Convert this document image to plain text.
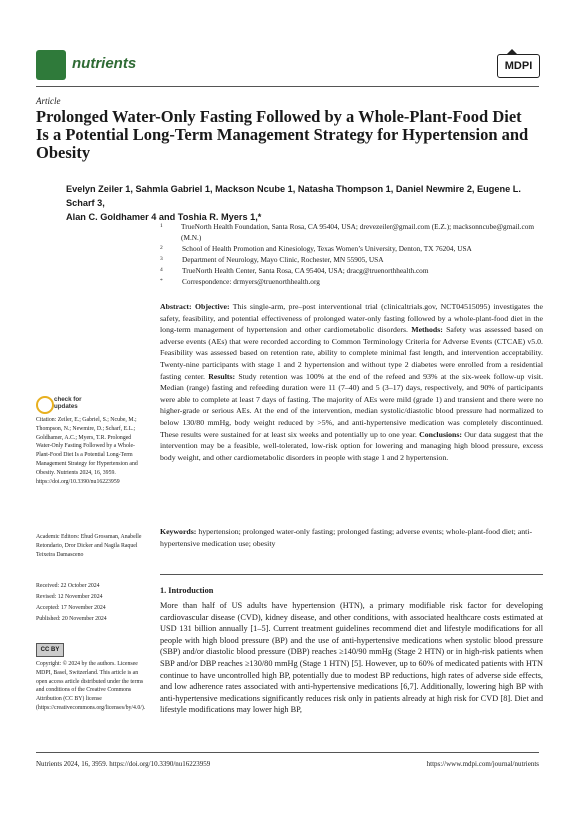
nutrients	MDPI
Article
Prolonged Water-Only Fasting Followed by a Whole-Plant-Food Diet Is a Potential Long-Term Management Strategy for Hypertension and Obesity
Evelyn Zeiler 1, Sahmla Gabriel 1, Mackson Ncube 1, Natasha Thompson 1, Daniel Newmire 2, Eugene L. Scharf 3,
Alan C. Goldhamer 4 and Toshia R. Myers 1,*
1	TrueNorth Health Foundation, Santa Rosa, CA 95404, USA; drevezeiler@gmail.com (E.Z.); macksonncube@gmail.com (M.N.)
2	School of Health Promotion and Kinesiology, Texas Women’s University, Denton, TX 76204, USA
3	Department of Neurology, Mayo Clinic, Rochester, MN 55905, USA
4	TrueNorth Health Center, Santa Rosa, CA 95404, USA; dracg@truenorthhealth.com
*	Correspondence: drmyers@truenorthhealth.org
Abstract: Objective: This single-arm, pre–post interventional trial (clinicaltrials.gov, NCT04515095) investigates the safety, feasibility, and potential effectiveness of prolonged water-only fasting followed by a whole-plant-food diet in the long-term management of hypertension and other cardiometabolic disorders. Methods: Safety was assessed based on adverse events (AEs) that were recorded according to Common Terminology Criteria for Adverse Events (CTCAE) v5.0. Feasibility was assessed based on retention rate, ability to complete minimal fast length, and intervention acceptability. Twenty-nine participants with stage 1 and 2 hypertension and without type 2 diabetes were enrolled from a residential fasting center. Results: Study retention was 100% at the end of the refeed and 93% at the six-week follow-up visit. Median (range) fasting and refeeding duration were 11 (7–40) and 5 (3–17) days, respectively, and 90% of participants were able to complete at least 7 days of fasting. The majority of AEs were mild (grade 1) and transient and there were no higher-grade or serious AEs. At the end of the intervention, median systolic/diastolic blood pressure had normalized to below 130/80 mmHg, body weight reduced by >5%, and anti-hypertensive medication was completely discontinued. These results were sustained for at least six weeks and potentially up to one year. Conclusions: Our data suggest that the intervention may be a feasible, well-tolerated, low-risk option for lowering and managing high blood pressure, excess body weight, and other cardiometabolic disorders in people with stage 1 and 2 hypertension.
Keywords: hypertension; prolonged water-only fasting; prolonged fasting; adverse events; whole-plant-food diet; anti-hypertensive medication use; obesity
1. Introduction
More than half of US adults have hypertension (HTN), a primary modifiable risk factor for developing cardiovascular disease (CVD), kidney disease, and other conditions, with associated healthcare costs estimated at USD 131 billion annually [1–5]. Current treatment guidelines recommend diet and lifestyle modifications for all people with high blood pressure (BP) and the use of anti-hypertensive medications when systolic blood pressure (SBP) and/or diastolic blood pressure (DBP) reaches ≥140/90 mmHg (Stage 2 HTN) or in high-risk patients when SBP and/or DBP reaches ≥130/80 mmHg (Stage 1 HTN) [5]. However, up to 60% of medicated patients with HTN continue to have uncontrolled high BP, potentially due to modest BP reductions, high rates of adverse side effects, and low adherence rates associated with anti-hypertensive medications [6,7]. Additionally, lowering high BP with anti-hypertensive medications significantly reduces risk only in patients already at high risk for CVD [8]. Diet and lifestyle modifications may lower high BP,
check for updates
Citation: Zeiler, E.; Gabriel, S.; Ncube, M.; Thompson, N.; Newmire, D.; Scharf, E.L.; Goldhamer, A.C.; Myers, T.R. Prolonged Water-Only Fasting Followed by a Whole-Plant-Food Diet Is a Potential Long-Term Management Strategy for Hypertension and Obesity. Nutrients 2024, 16, 3959. https://doi.org/10.3390/nu16223959
Academic Editors: Ehud Grossman, Anabelle Retondario, Dror Dicker and Nagila Raquel Teixeira Damasceno
Received: 22 October 2024
Revised: 12 November 2024
Accepted: 17 November 2024
Published: 20 November 2024
CC BY
Copyright: © 2024 by the authors. Licensee MDPI, Basel, Switzerland. This article is an open access article distributed under the terms and conditions of the Creative Commons Attribution (CC BY) license (https://creativecommons.org/licenses/by/4.0/).
Nutrients 2024, 16, 3959. https://doi.org/10.3390/nu16223959	https://www.mdpi.com/journal/nutrients
